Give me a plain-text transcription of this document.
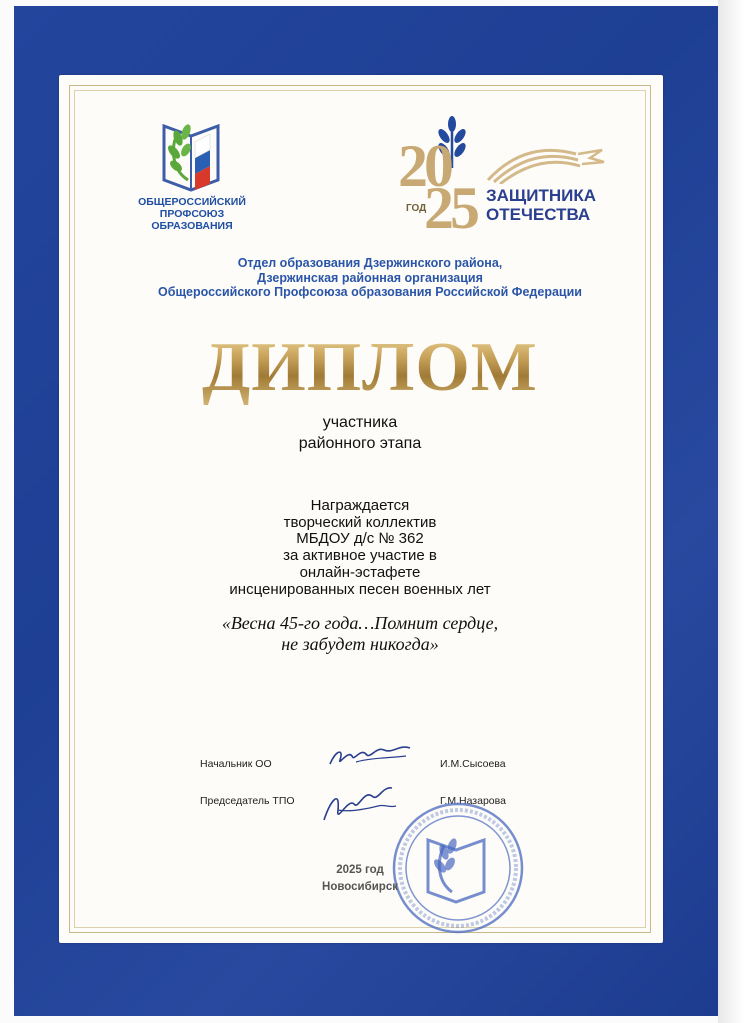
ОБЩЕРОССИЙСКИЙ
ПРОФСОЮЗ
ОБРАЗОВАНИЯ
20
25
ГОД
ЗАЩИТНИКА
ОТЕЧЕСТВА
Отдел образования Дзержинского района,
Дзержинская районная организация
Общероссийского Профсоюза образования Российской Федерации
ДИПЛОМ
участника
районного этапа
Награждается
творческий коллектив
МБДОУ д/с № 362
за активное участие в
онлайн-эстафете
инсценированных песен военных лет
«Весна 45-го года…Помнит сердце,
не забудет никогда»
Начальник ОО	И.М.Сысоева
Председатель ТПО	Г.М.Назарова
2025 год
Новосибирск
